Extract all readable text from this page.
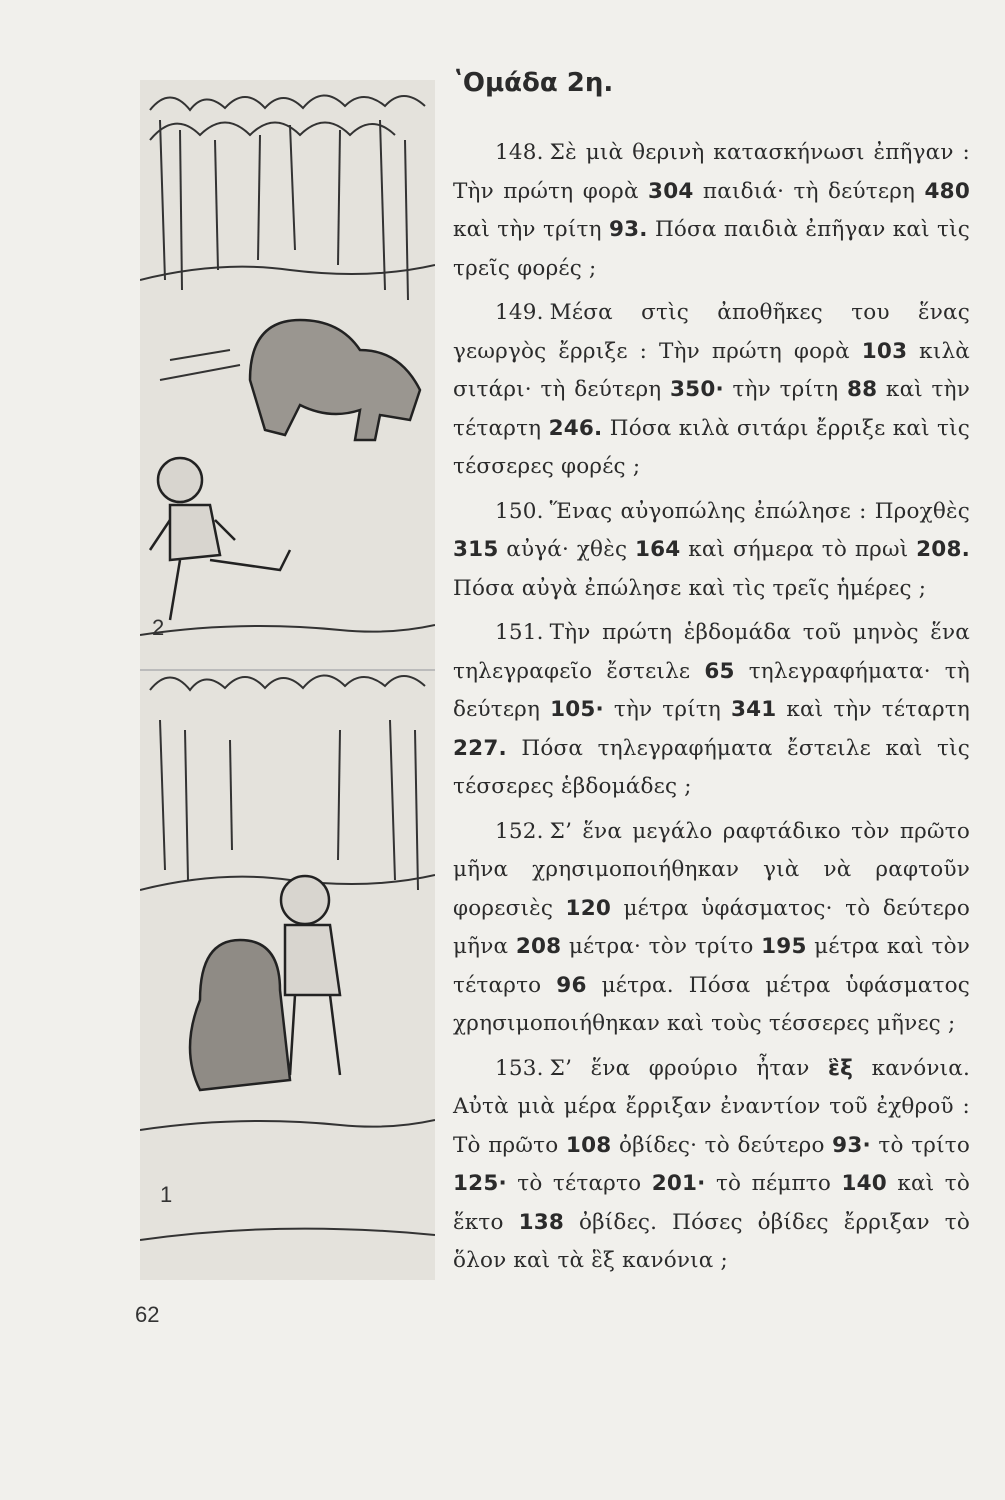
2
1
62
ʽΟμάδα 2η.

148. Σὲ μιὰ θερινὴ κατασκήνωσι ἐπῆγαν : Τὴν πρώτη φορὰ 304 παιδιά· τὴ δεύτερη 480 καὶ τὴν τρίτη 93. Πόσα παιδιὰ ἐπῆγαν καὶ τὶς τρεῖς φορές ;

149. Μέσα στὶς ἀποθῆκες του ἕνας γεωργὸς ἔρριξε : Τὴν πρώτη φορὰ 103 κιλὰ σιτάρι· τὴ δεύτερη 350· τὴν τρίτη 88 καὶ τὴν τέταρτη 246. Πόσα κιλὰ σιτάρι ἔρριξε καὶ τὶς τέσσερες φορές ;

150. Ἕνας αὐγοπώλης ἐπώλησε : Προχθὲς 315 αὐγά· χθὲς 164 καὶ σήμερα τὸ πρωὶ 208. Πόσα αὐγὰ ἐπώλησε καὶ τὶς τρεῖς ἡμέρες ;

151. Τὴν πρώτη ἑβδομάδα τοῦ μηνὸς ἕνα τηλεγραφεῖο ἔστειλε 65 τηλεγραφήματα· τὴ δεύτερη 105· τὴν τρίτη 341 καὶ τὴν τέταρτη 227. Πόσα τηλεγραφήματα ἔστειλε καὶ τὶς τέσσερες ἑβδομάδες ;

152. Σ’ ἕνα μεγάλο ραφτάδικο τὸν πρῶτο μῆνα χρησιμοποιήθηκαν γιὰ νὰ ραφτοῦν φορεσιὲς 120 μέτρα ὑφάσματος· τὸ δεύτερο μῆνα 208 μέτρα· τὸν τρίτο 195 μέτρα καὶ τὸν τέταρτο 96 μέτρα. Πόσα μέτρα ὑφάσματος χρησιμοποιήθηκαν καὶ τοὺς τέσσερες μῆνες ;

153. Σ’ ἕνα φρούριο ἦταν ἓξ κανόνια. Αὐτὰ μιὰ μέρα ἔρριξαν ἐναντίον τοῦ ἐχθροῦ : Τὸ πρῶτο 108 ὀβίδες· τὸ δεύτερο 93· τὸ τρίτο 125· τὸ τέταρτο 201· τὸ πέμπτο 140 καὶ τὸ ἕκτο 138 ὀβίδες. Πόσες ὀβίδες ἔρριξαν τὸ ὅλον καὶ τὰ ἓξ κανόνια ;
